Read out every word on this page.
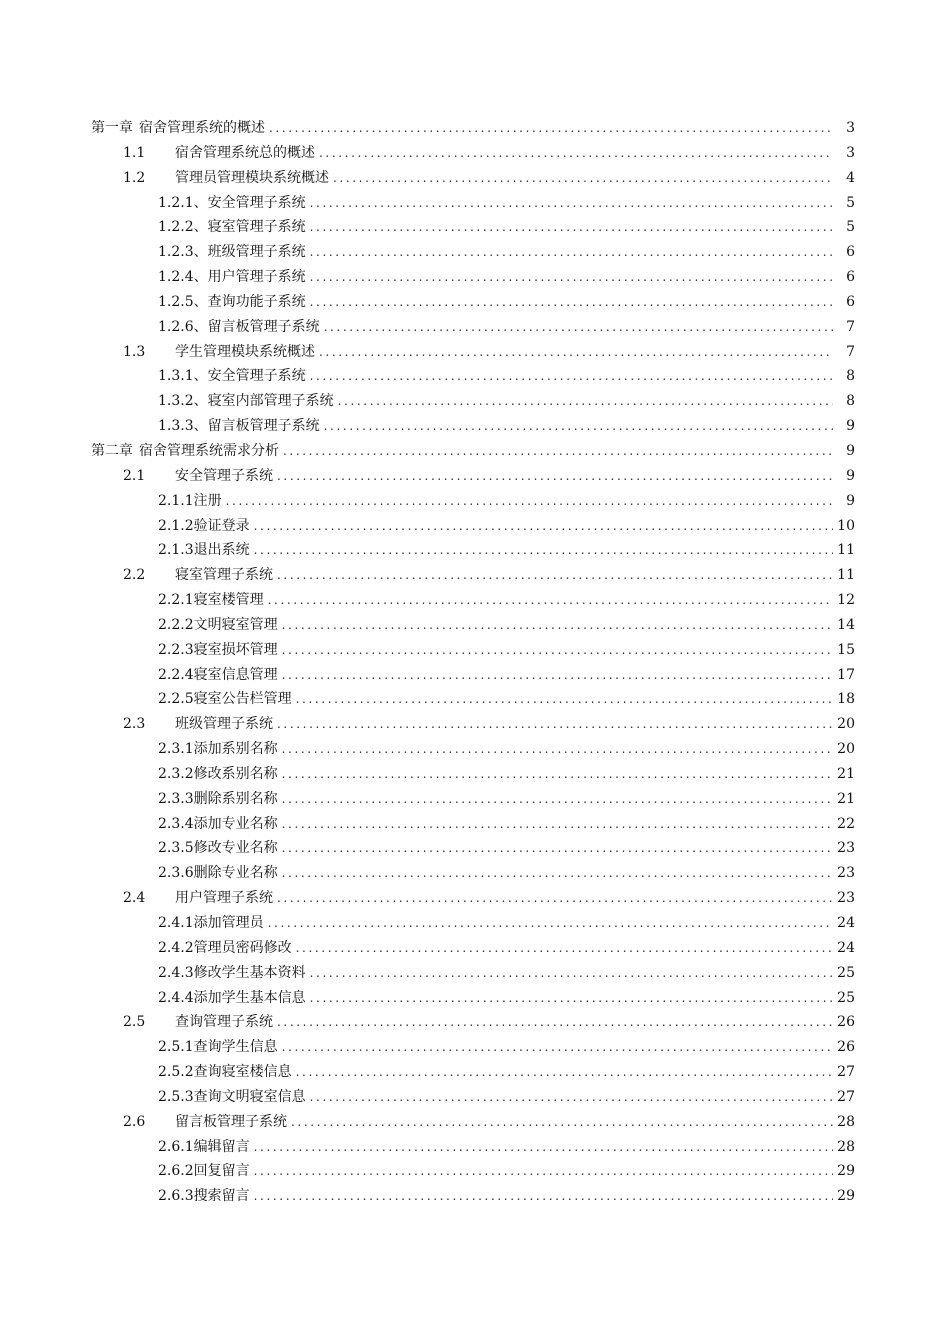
第一章 宿舍管理系统的概述 .....	3
1.1	宿舍管理系统总的概述 .....	3
1.2	管理员管理模块系统概述 .....	4
1.2.1、 安全管理子系统 .....	5
1.2.2、 寝室管理子系统 .....	5
1.2.3、 班级管理子系统 .....	6
1.2.4、 用户管理子系统 .....	6
1.2.5、 查询功能子系统 .....	6
1.2.6、 留言板管理子系统 .....	7
1.3	学生管理模块系统概述 .....	7
1.3.1、 安全管理子系统 .....	8
1.3.2、 寝室内部管理子系统 .....	8
1.3.3、 留言板管理子系统 .....	9
第二章 宿舍管理系统需求分析 .....	9
2.1	安全管理子系统 .....	9
2.1.1 注册 .....	9
2.1.2 验证登录 .....	10
2.1.3 退出系统 .....	11
2.2	寝室管理子系统 .....	11
2.2.1 寝室楼管理 .....	12
2.2.2 文明寝室管理 .....	14
2.2.3 寝室损坏管理 .....	15
2.2.4 寝室信息管理 .....	17
2.2.5 寝室公告栏管理 .....	18
2.3	班级管理子系统 .....	20
2.3.1 添加系别名称 .....	20
2.3.2 修改系别名称 .....	21
2.3.3 删除系别名称 .....	21
2.3.4 添加专业名称 .....	22
2.3.5 修改专业名称 .....	23
2.3.6 删除专业名称 .....	23
2.4	用户管理子系统 .....	23
2.4.1 添加管理员 .....	24
2.4.2 管理员密码修改 .....	24
2.4.3 修改学生基本资料 .....	25
2.4.4 添加学生基本信息 .....	25
2.5	查询管理子系统 .....	26
2.5.1 查询学生信息 .....	26
2.5.2 查询寝室楼信息 .....	27
2.5.3 查询文明寝室信息 .....	27
2.6	留言板管理子系统 .....	28
2.6.1 编辑留言 .....	28
2.6.2 回复留言 .....	29
2.6.3 搜索留言 .....	29
